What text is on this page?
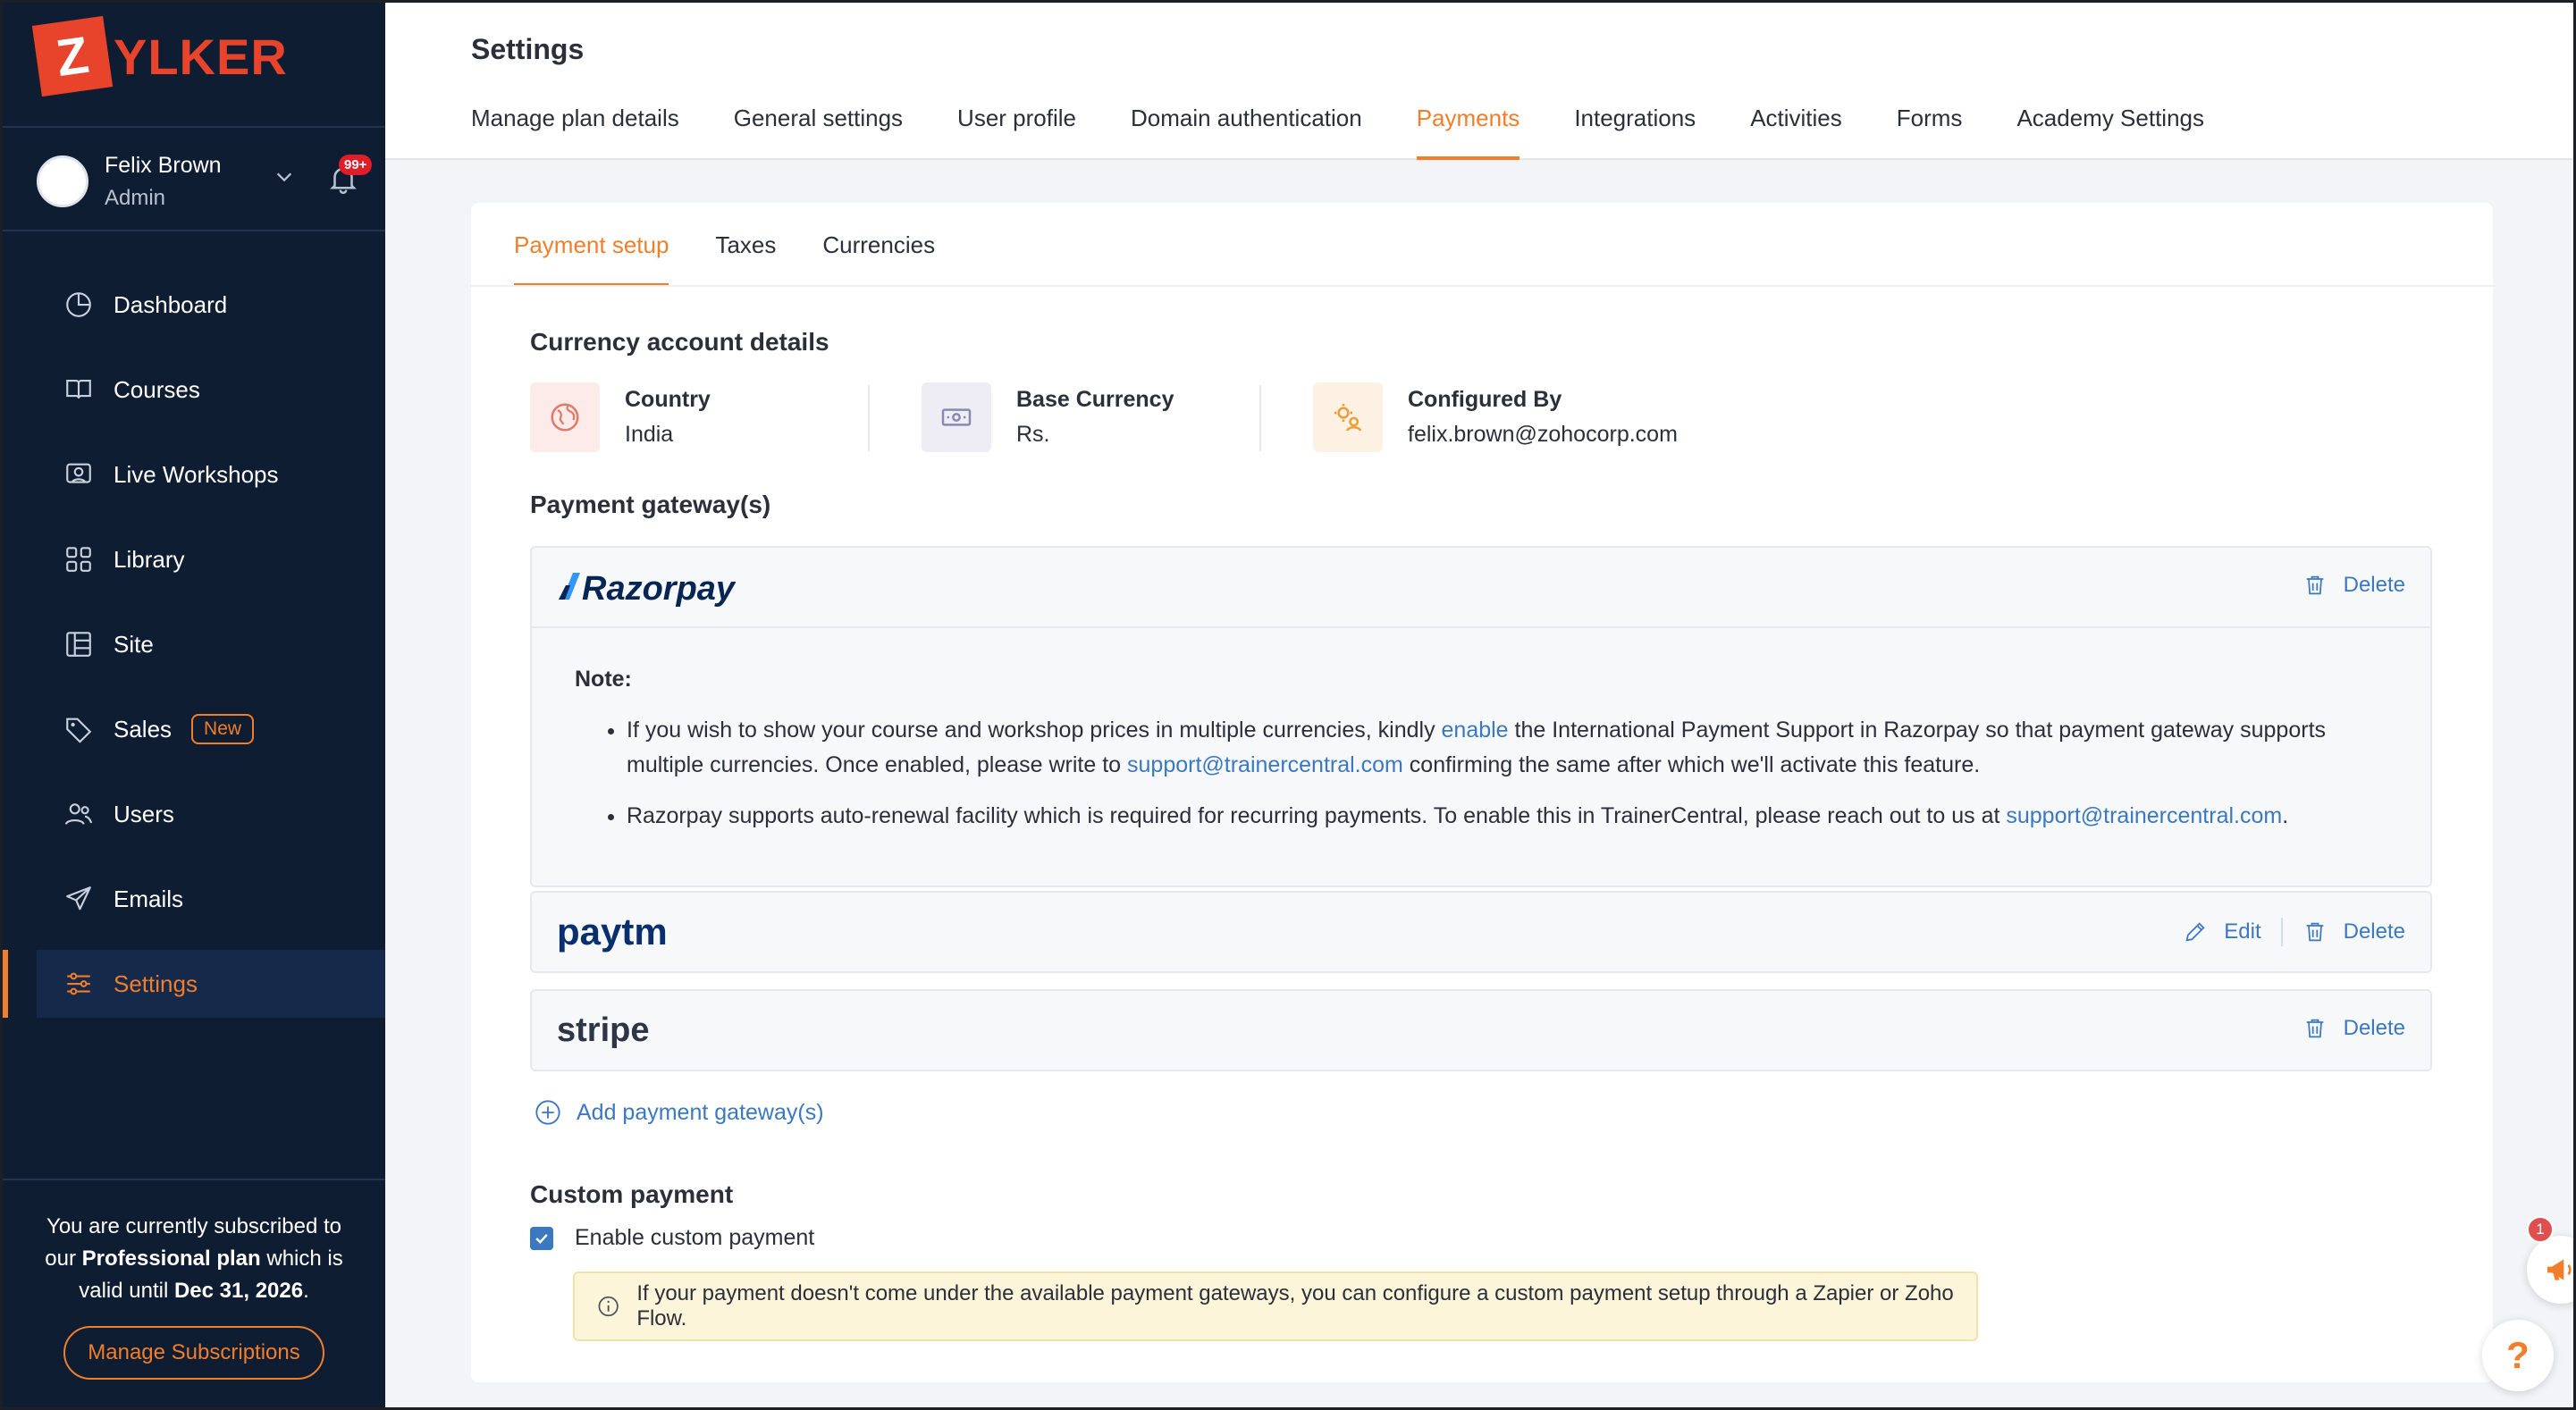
Z YLKER
Felix Brown
Admin
99+
Dashboard
Courses
Live Workshops
Library
Site
Sales	New
Users
Emails
Settings
You are currently subscribed to
our Professional plan which is
valid until Dec 31, 2026.
Manage Subscriptions
Settings
Manage plan details General settings User profile Domain authentication Payments Integrations Activities Forms Academy Settings
Payment setup Taxes Currencies
Currency account details
Country
India
Base Currency
Rs.
Configured By
felix.brown@zohocorp.com
Payment gateway(s)
Razorpay	Delete
Note:
• If you wish to show your course and workshop prices in multiple currencies, kindly enable the International Payment Support in Razorpay so that payment gateway supports multiple currencies. Once enabled, please write to support@trainercentral.com confirming the same after which we'll activate this feature.
• Razorpay supports auto-renewal facility which is required for recurring payments. To enable this in TrainerCentral, please reach out to us at support@trainercentral.com.
paytm	Edit	Delete
stripe	Delete
Add payment gateway(s)
Custom payment
Enable custom payment
If your payment doesn't come under the available payment gateways, you can configure a custom payment setup through a Zapier or Zoho Flow.
1
?
